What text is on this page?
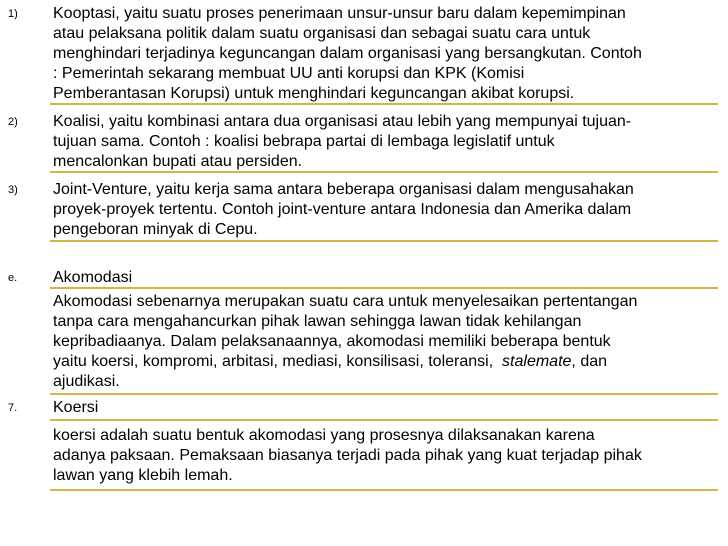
1) Kooptasi, yaitu suatu proses penerimaan unsur-unsur baru dalam kepemimpinan
atau pelaksana politik dalam suatu organisasi dan sebagai suatu cara untuk
menghindari terjadinya keguncangan dalam organisasi yang bersangkutan. Contoh
: Pemerintah sekarang membuat UU anti korupsi dan KPK (Komisi
Pemberantasan Korupsi) untuk menghindari keguncangan akibat korupsi.

2) Koalisi, yaitu kombinasi antara dua organisasi atau lebih yang mempunyai tujuan-
tujuan sama. Contoh : koalisi bebrapa partai di lembaga legislatif untuk
mencalonkan bupati atau persiden.

3) Joint-Venture, yaitu kerja sama antara beberapa organisasi dalam mengusahakan
proyek-proyek tertentu. Contoh joint-venture antara Indonesia dan Amerika dalam
pengeboran minyak di Cepu.

e. Akomodasi

Akomodasi sebenarnya merupakan suatu cara untuk menyelesaikan pertentangan
tanpa cara mengahancurkan pihak lawan sehingga lawan tidak kehilangan
kepribadiaanya. Dalam pelaksanaannya, akomodasi memiliki beberapa bentuk
yaitu koersi, kompromi, arbitasi, mediasi, konsilisasi, toleransi,  stalemate, dan
ajudikasi.

7. Koersi

koersi adalah suatu bentuk akomodasi yang prosesnya dilaksanakan karena
adanya paksaan. Pemaksaan biasanya terjadi pada pihak yang kuat terjadap pihak
lawan yang klebih lemah.
